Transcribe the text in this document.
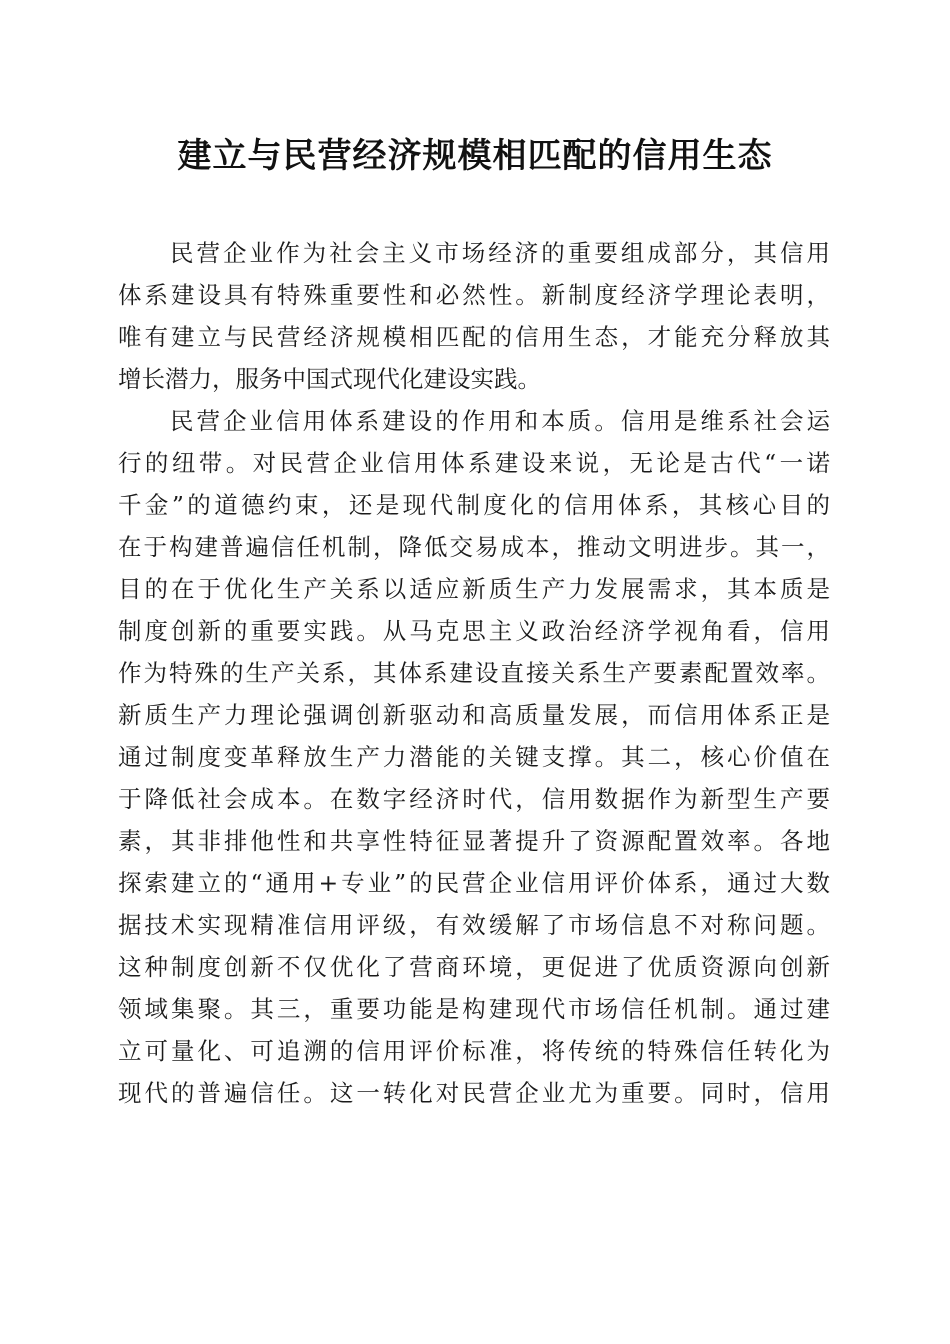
建立与民营经济规模相匹配的信用生态
民营企业作为社会主义市场经济的重要组成部分，其信用
体系建设具有特殊重要性和必然性。新制度经济学理论表明，
唯有建立与民营经济规模相匹配的信用生态，才能充分释放其
增长潜力，服务中国式现代化建设实践。
民营企业信用体系建设的作用和本质。信用是维系社会运
行的纽带。对民营企业信用体系建设来说，无论是古代“一诺
千金”的道德约束，还是现代制度化的信用体系，其核心目的
在于构建普遍信任机制，降低交易成本，推动文明进步。其一，
目的在于优化生产关系以适应新质生产力发展需求，其本质是
制度创新的重要实践。从马克思主义政治经济学视角看，信用
作为特殊的生产关系，其体系建设直接关系生产要素配置效率。
新质生产力理论强调创新驱动和高质量发展，而信用体系正是
通过制度变革释放生产力潜能的关键支撑。其二，核心价值在
于降低社会成本。在数字经济时代，信用数据作为新型生产要
素，其非排他性和共享性特征显著提升了资源配置效率。各地
探索建立的“通用+专业”的民营企业信用评价体系，通过大数
据技术实现精准信用评级，有效缓解了市场信息不对称问题。
这种制度创新不仅优化了营商环境，更促进了优质资源向创新
领域集聚。其三，重要功能是构建现代市场信任机制。通过建
立可量化、可追溯的信用评价标准，将传统的特殊信任转化为
现代的普遍信任。这一转化对民营企业尤为重要。同时，信用
